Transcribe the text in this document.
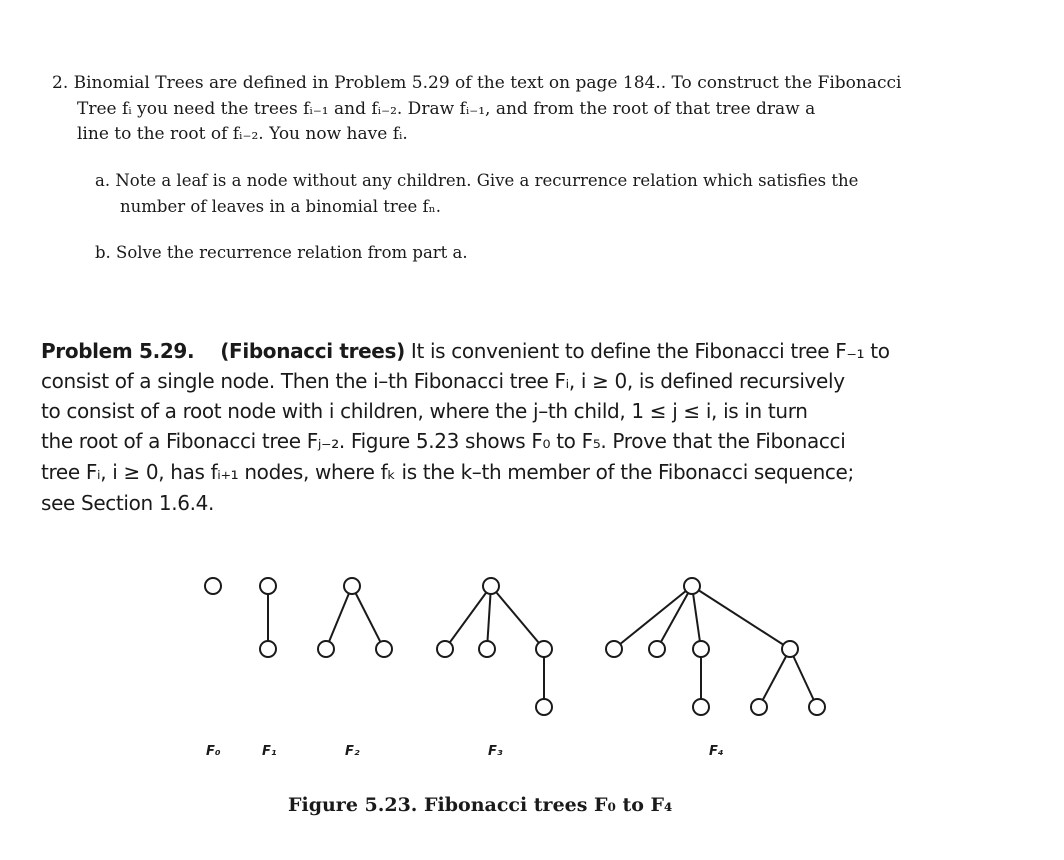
2. Binomial Trees are defined in Problem 5.29 of the text on page 184.. To construct the Fibonacci
Tree fᵢ you need the trees fᵢ₋₁ and fᵢ₋₂. Draw fᵢ₋₁, and from the root of that tree draw a
line to the root of fᵢ₋₂. You now have fᵢ.
a. Note a leaf is a node without any children. Give a recurrence relation which satisfies the
number of leaves in a binomial tree fₙ.
b. Solve the recurrence relation from part a.
Problem 5.29. (Fibonacci trees) It is convenient to define the Fibonacci tree F₋₁ to
consist of a single node. Then the i–th Fibonacci tree Fᵢ, i ≥ 0, is defined recursively
to consist of a root node with i children, where the j–th child, 1 ≤ j ≤ i, is in turn
the root of a Fibonacci tree Fⱼ₋₂. Figure 5.23 shows F₀ to F₅. Prove that the Fibonacci
tree Fᵢ, i ≥ 0, has fᵢ₊₁ nodes, where fₖ is the k–th member of the Fibonacci sequence;
see Section 1.6.4.
F₀	F₁	F₂	F₃	F₄
Figure 5.23. Fibonacci trees F₀ to F₄
